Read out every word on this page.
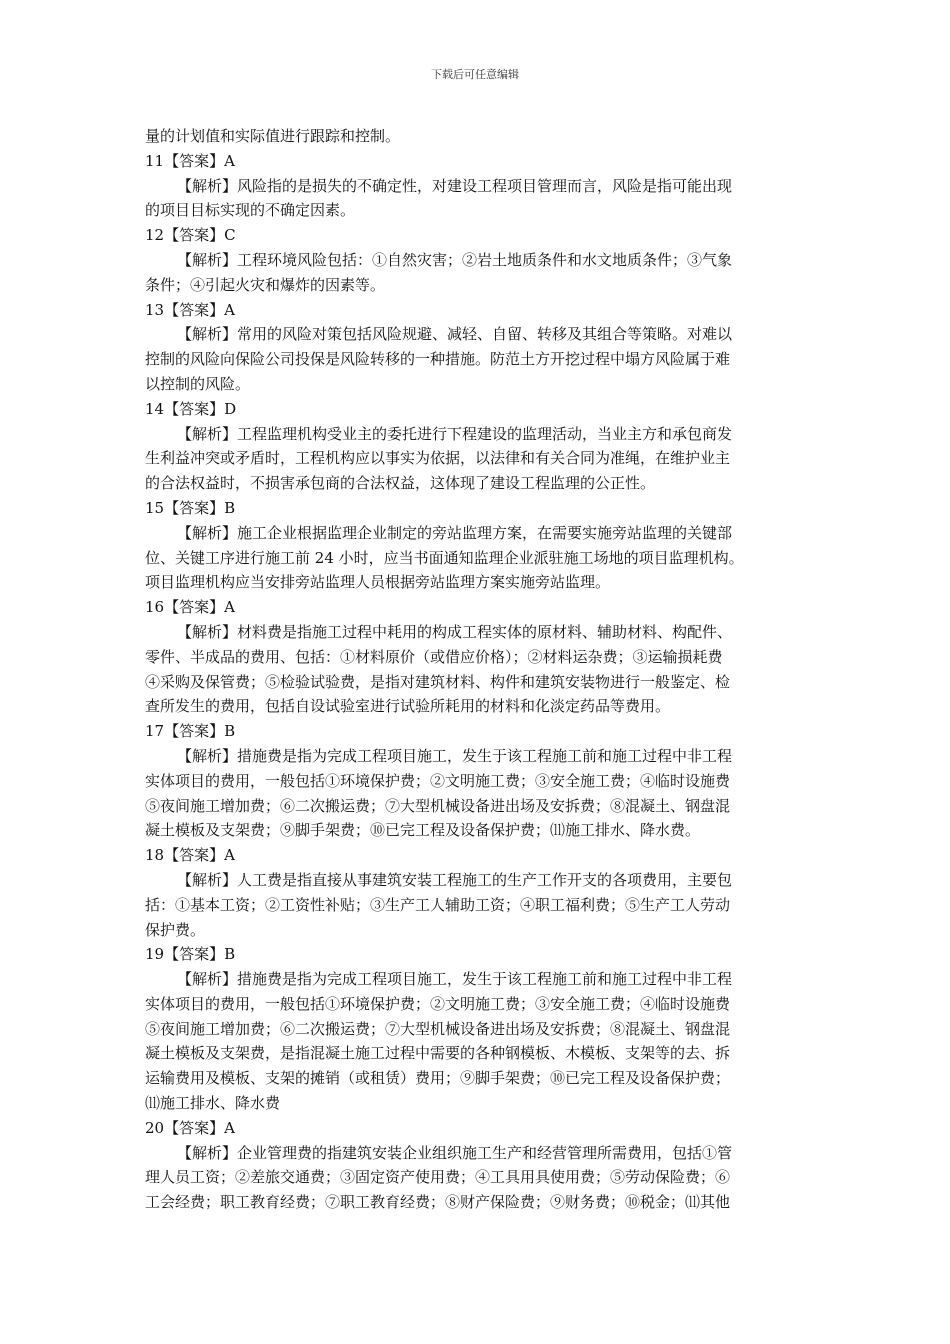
下载后可任意编辑
量的计划值和实际值进行跟踪和控制。
11【答案】A
【解析】风险指的是损失的不确定性，对建设工程项目管理而言，风险是指可能出现
的项目目标实现的不确定因素。
12【答案】C
【解析】工程环境风险包括：①自然灾害；②岩土地质条件和水文地质条件；③气象
条件；④引起火灾和爆炸的因素等。
13【答案】A
【解析】常用的风险对策包括风险规避、减轻、自留、转移及其组合等策略。对难以
控制的风险向保险公司投保是风险转移的一种措施。防范土方开挖过程中塌方风险属于难
以控制的风险。
14【答案】D
【解析】工程监理机构受业主的委托进行下程建设的监理活动，当业主方和承包商发
生利益冲突或矛盾时，工程机构应以事实为依据，以法律和有关合同为准绳，在维护业主
的合法权益时，不损害承包商的合法权益，这体现了建设工程监理的公正性。
15【答案】B
【解析】施工企业根据监理企业制定的旁站监理方案，在需要实施旁站监理的关键部
位、关键工序进行施工前 24 小时，应当书面通知监理企业派驻施工场地的项目监理机构。
项目监理机构应当安排旁站监理人员根据旁站监理方案实施旁站监理。
16【答案】A
【解析】材料费是指施工过程中耗用的构成工程实体的原材料、辅助材料、构配件、
零件、半成品的费用、包括：①材料原价（或借应价格）；②材料运杂费；③运输损耗费
④采购及保管费；⑤检验试验费，是指对建筑材料、构件和建筑安装物进行一般鉴定、检
查所发生的费用，包括自设试验室进行试验所耗用的材料和化淡定药品等费用。
17【答案】B
【解析】措施费是指为完成工程项目施工，发生于该工程施工前和施工过程中非工程
实体项目的费用，一般包括①环境保护费；②文明施工费；③安全施工费；④临时设施费
⑤夜间施工增加费；⑥二次搬运费；⑦大型机械设备进出场及安拆费；⑧混凝土、钢盘混
凝土模板及支架费；⑨脚手架费；⑩已完工程及设备保护费；⑾施工排水、降水费。
18【答案】A
【解析】人工费是指直接从事建筑安装工程施工的生产工作开支的各项费用，主要包
括：①基本工资；②工资性补贴；③生产工人辅助工资；④职工福利费；⑤生产工人劳动
保护费。
19【答案】B
【解析】措施费是指为完成工程项目施工，发生于该工程施工前和施工过程中非工程
实体项目的费用，一般包括①环境保护费；②文明施工费；③安全施工费；④临时设施费
⑤夜间施工增加费；⑥二次搬运费；⑦大型机械设备进出场及安拆费；⑧混凝土、钢盘混
凝土模板及支架费，是指混凝土施工过程中需要的各种钢模板、木模板、支架等的去、拆
运输费用及模板、支架的摊销（或租赁）费用；⑨脚手架费；⑩已完工程及设备保护费；
⑾施工排水、降水费
20【答案】A
【解析】企业管理费的指建筑安装企业组织施工生产和经营管理所需费用，包括①管
理人员工资；②差旅交通费；③固定资产使用费；④工具用具使用费；⑤劳动保险费；⑥
工会经费；职工教育经费；⑦职工教育经费；⑧财产保险费；⑨财务费；⑩税金；⑾其他
